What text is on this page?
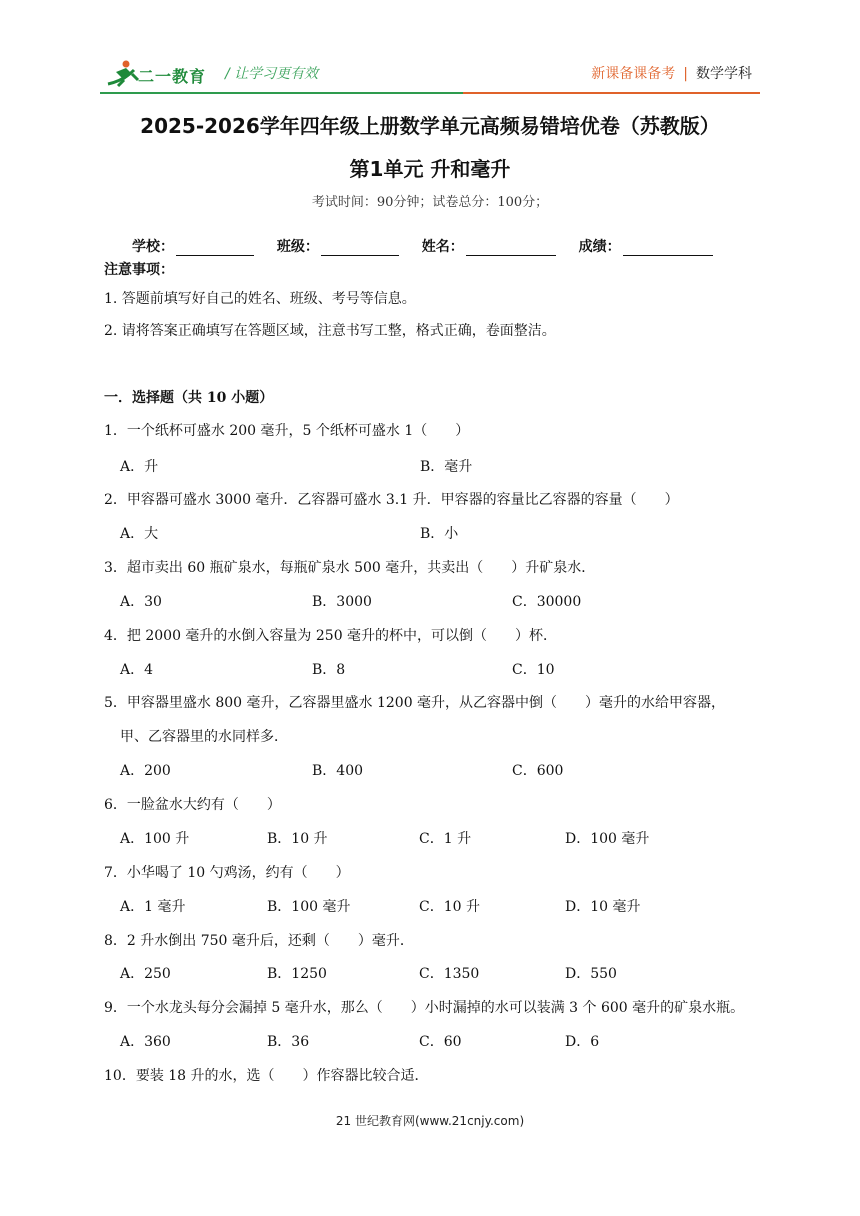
二一教育 / 让学习更有效	新课备课备考 | 数学学科
2025-2026学年四年级上册数学单元高频易错培优卷（苏教版）
第1单元 升和毫升
考试时间：90分钟；试卷总分：100分；
学校：	班级：	姓名：	成绩：
注意事项：
1. 答题前填写好自己的姓名、班级、考号等信息。
2. 请将答案正确填写在答题区域，注意书写工整，格式正确，卷面整洁。
一．选择题（共 10 小题）
1．一个纸杯可盛水 200 毫升，5 个纸杯可盛水 1（　　）
A．升	B．毫升
2．甲容器可盛水 3000 毫升．乙容器可盛水 3.1 升．甲容器的容量比乙容器的容量（　　）
A．大	B．小
3．超市卖出 60 瓶矿泉水，每瓶矿泉水 500 毫升，共卖出（　　）升矿泉水．
A．30	B．3000	C．30000
4．把 2000 毫升的水倒入容量为 250 毫升的杯中，可以倒（　　）杯．
A．4	B．8	C．10
5．甲容器里盛水 800 毫升，乙容器里盛水 1200 毫升，从乙容器中倒（　　）毫升的水给甲容器，
甲、乙容器里的水同样多．
A．200	B．400	C．600
6．一脸盆水大约有（　　）
A．100 升	B．10 升	C．1 升	D．100 毫升
7．小华喝了 10 勺鸡汤，约有（　　）
A．1 毫升	B．100 毫升	C．10 升	D．10 毫升
8．2 升水倒出 750 毫升后，还剩（　　）毫升．
A．250	B．1250	C．1350	D．550
9．一个水龙头每分会漏掉 5 毫升水，那么（　　）小时漏掉的水可以装满 3 个 600 毫升的矿泉水瓶。
A．360	B．36	C．60	D．6
10．要装 18 升的水，选（　　）作容器比较合适．
21 世纪教育网(www.21cnjy.com)
